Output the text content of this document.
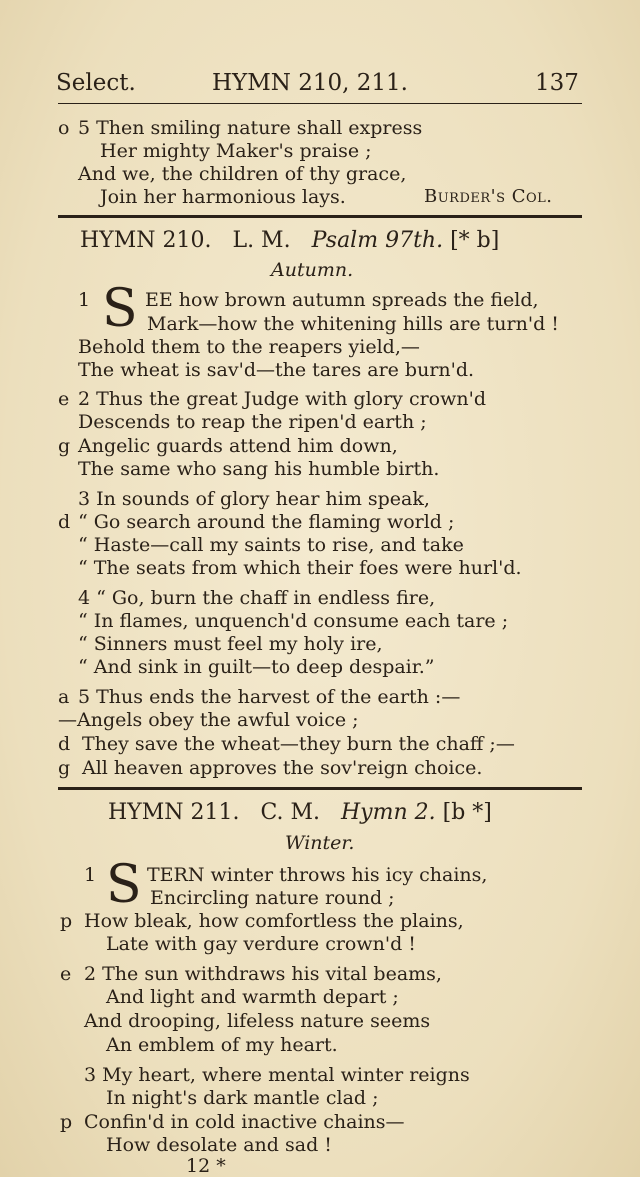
Select.	HYMN 210, 211.	137
o 5 Then smiling nature shall express
Her mighty Maker's praise ;
And we, the children of thy grace,
Join her harmonious lays.	Burder's Col.
HYMN 210. L. M. Psalm 97th. [* b]
Autumn.
1 S EE how brown autumn spreads the field,
Mark—how the whitening hills are turn'd !
Behold them to the reapers yield,—
The wheat is sav'd—the tares are burn'd.
e 2 Thus the great Judge with glory crown'd
Descends to reap the ripen'd earth ;
g Angelic guards attend him down,
The same who sang his humble birth.
3 In sounds of glory hear him speak,
d “ Go search around the flaming world ;
“ Haste—call my saints to rise, and take
“ The seats from which their foes were hurl'd.
4 “ Go, burn the chaff in endless fire,
“ In flames, unquench'd consume each tare ;
“ Sinners must feel my holy ire,
“ And sink in guilt—to deep despair.”
a 5 Thus ends the harvest of the earth :—
—Angels obey the awful voice ;
d They save the wheat—they burn the chaff ;—
g All heaven approves the sov'reign choice.
HYMN 211. C. M. Hymn 2. [b *]
Winter.
1 S TERN winter throws his icy chains,
Encircling nature round ;
p How bleak, how comfortless the plains,
Late with gay verdure crown'd !
e 2 The sun withdraws his vital beams,
And light and warmth depart ;
And drooping, lifeless nature seems
An emblem of my heart.
3 My heart, where mental winter reigns
In night's dark mantle clad ;
p Confin'd in cold inactive chains—
How desolate and sad !
12 *
